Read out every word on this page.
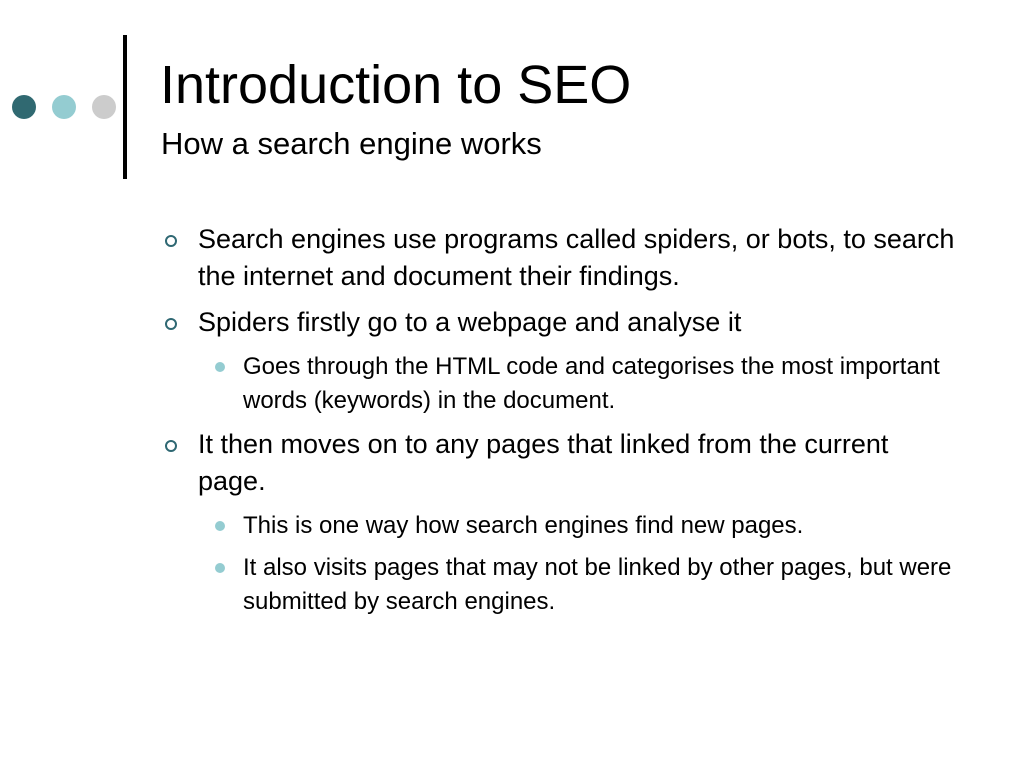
Introduction to SEO
How a search engine works
Search engines use programs called spiders, or bots, to search the internet and document their findings.
Spiders firstly go to a webpage and analyse it
Goes through the HTML code and categorises the most important words (keywords) in the document.
It then moves on to any pages that linked from the current page.
This is one way how search engines find new pages.
It also visits pages that may not be linked by other pages, but were submitted by search engines.
